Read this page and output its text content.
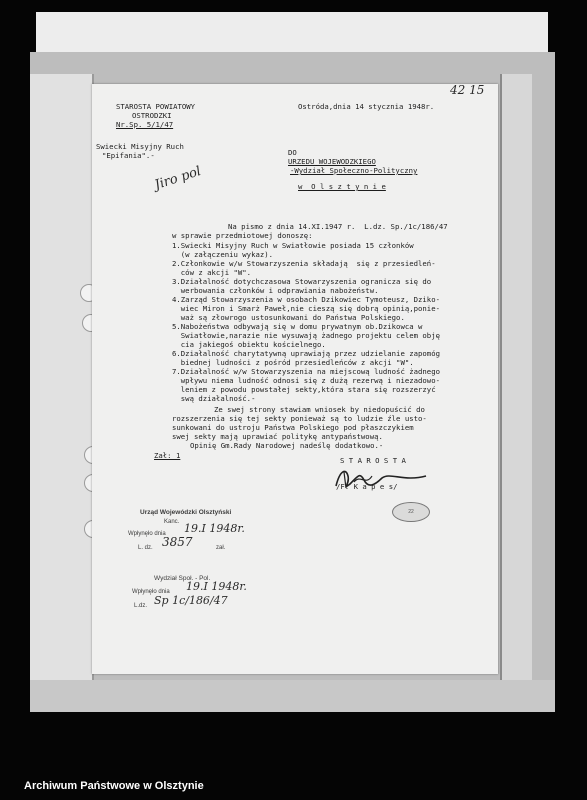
STAROSTA POWIATOWY
OSTRODZKI
Nr.Sp. 5/1/47
Ostróda,dnia 14 stycznia 1948r.
42 15
Swiecki Misyjny Ruch
"Epifania".-	DO
URZEDU WOJEWODZKIEGO
-Wydział Społeczno-Polityczny
w  O l s z t y n i e
Jiro pol
Na pismo z dnia 14.XI.1947 r.  L.dz. Sp./1c/186/47
w sprawie przedmiotowej donoszę:
1.Swiecki Misyjny Ruch w Swiatłowie posiada 15 członków
(w załączeniu wykaz).
2.Członkowie w/w Stowarzyszenia składają  się z przesiedleń-
ców z akcji "W".
3.Działalność dotychczasowa Stowarzyszenia ogranicza się do
werbowania członków i odprawiania nabożeństw.
4.Zarząd Stowarzyszenia w osobach Dzikowiec Tymoteusz, Dziko-
wiec Miron i Smarż Paweł,nie cieszą się dobrą opinią,ponie-
waż są złowrogo ustosunkowani do Państwa Polskiego.
5.Nabożeństwa odbywają się w domu prywatnym ob.Dzikowca w
Swiatłowie,narazie nie wysuwają żadnego projektu celem obję
cia jakiegoś obiektu kościelnego.
6.Działalność charytatywną uprawiają przez udzielanie zapomóg
biednej ludności z pośród przesiedleńców z akcji "W".
7.Działalność w/w Stowarzyszenia na miejscową ludność żadnego
wpływu niema ludność odnosi się z dużą rezerwą i niezadowo-
leniem z powodu powstałej sekty,która stara się rozszerzyć
swą działalność.-
Ze swej strony stawiam wniosek by niedopuścić do
rozszerzenia się tej sekty ponieważ są to ludzie źle usto-
sunkowani do ustroju Państwa Polskiego pod płaszczykiem
swej sekty mają uprawiać politykę antypaństwową.
Opinię Gm.Rady Narodowej nadeślę dodatkowo.-
Zał: 1
S T A R O S T A
/F. K a p e s/
22
Urząd Wojewódzki Olsztyński
Kanc.
Wpłynęło dnia 19.I 1948r.
L. dz. 3857	zał.
Wydział Społ. - Pol.
Wpłynęło dnia 19.I 1948r.
L.dz. Sp 1c/186/47
Archiwum Państwowe w Olsztynie
